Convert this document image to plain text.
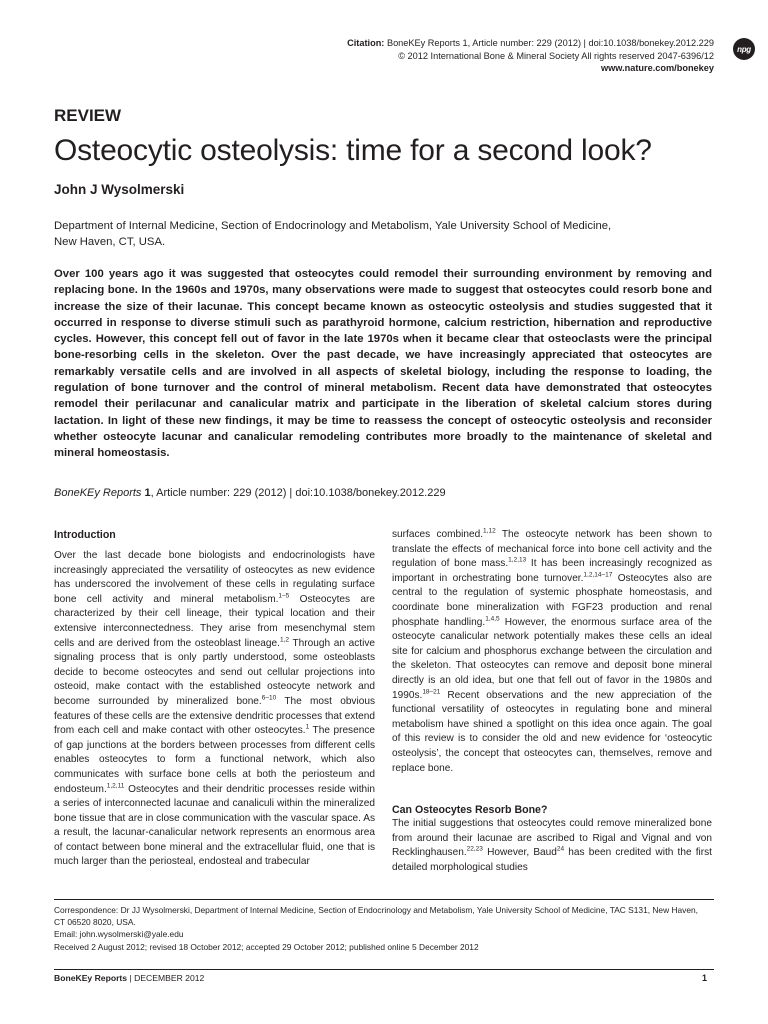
Citation: BoneKEy Reports 1, Article number: 229 (2012) | doi:10.1038/bonekey.2012.229
© 2012 International Bone & Mineral Society All rights reserved 2047-6396/12
www.nature.com/bonekey
npg
REVIEW
Osteocytic osteolysis: time for a second look?
John J Wysolmerski
Department of Internal Medicine, Section of Endocrinology and Metabolism, Yale University School of Medicine,
New Haven, CT, USA.
Over 100 years ago it was suggested that osteocytes could remodel their surrounding environment by removing and replacing bone. In the 1960s and 1970s, many observations were made to suggest that osteocytes could resorb bone and increase the size of their lacunae. This concept became known as osteocytic osteolysis and studies suggested that it occurred in response to diverse stimuli such as parathyroid hormone, calcium restriction, hibernation and reproductive cycles. However, this concept fell out of favor in the late 1970s when it became clear that osteoclasts were the principal bone-resorbing cells in the skeleton. Over the past decade, we have increasingly appreciated that osteocytes are remarkably versatile cells and are involved in all aspects of skeletal biology, including the response to loading, the regulation of bone turnover and the control of mineral metabolism. Recent data have demonstrated that osteocytes remodel their perilacunar and canalicular matrix and participate in the liberation of skeletal calcium stores during lactation. In light of these new findings, it may be time to reassess the concept of osteocytic osteolysis and reconsider whether osteocyte lacunar and canalicular remodeling contributes more broadly to the maintenance of skeletal and mineral homeostasis.
BoneKEy Reports 1, Article number: 229 (2012) | doi:10.1038/bonekey.2012.229
Introduction

Over the last decade bone biologists and endocrinologists have increasingly appreciated the versatility of osteocytes as new evidence has underscored the involvement of these cells in regulating surface bone cell activity and mineral metabolism.$^{1-5}$ Osteocytes are characterized by their cell lineage, their typical location and their extensive interconnectedness. They arise from mesenchymal stem cells and are derived from the osteoblast lineage.$^{1,2}$ Through an active signaling process that is only partly understood, some osteoblasts decide to become osteocytes and send out cellular projections into osteoid, make contact with the established osteocyte network and become surrounded by mineralized bone.$^{6-10}$ The most obvious features of these cells are the extensive dendritic processes that extend from each cell and make contact with other osteocytes.$^1$ The presence of gap junctions at the borders between processes from different cells enables osteocytes to form a functional network, which also communicates with surface bone cells at both the periosteum and endosteum.$^{1,2,11}$ Osteocytes and their dendritic processes reside within a series of interconnected lacunae and canaliculi within the mineralized bone tissue that are in close communication with the vascular space. As a result, the lacunar-canalicular network represents an enormous area of contact between bone mineral and the extracellular fluid, one that is much larger than the periosteal, endosteal and trabecular

surfaces combined.$^{1,12}$ The osteocyte network has been shown to translate the effects of mechanical force into bone cell activity and the regulation of bone mass.$^{1,2,13}$ It has been increasingly recognized as important in orchestrating bone turnover.$^{1,2,14-17}$ Osteocytes also are central to the regulation of systemic phosphate homeostasis, and coordinate bone mineralization with FGF23 production and renal phosphate handling.$^{1,4,5}$ However, the enormous surface area of the osteocyte canalicular network potentially makes these cells an ideal site for calcium and phosphorus exchange between the circulation and the skeleton. That osteocytes can remove and deposit bone mineral directly is an old idea, but one that fell out of favor in the 1980s and 1990s.$^{18-21}$ Recent observations and the new appreciation of the functional versatility of osteocytes in regulating bone and mineral metabolism have shined a spotlight on this idea once again. The goal of this review is to consider the old and new evidence for ‘osteocytic osteolysis’, the concept that osteocytes can, themselves, remove and replace bone.

Can Osteocytes Resorb Bone?

The initial suggestions that osteocytes could remove mineralized bone from around their lacunae are ascribed to Rigal and Vignal and von Recklinghausen.$^{22,23}$ However, Baud$^{24}$ has been credited with the first detailed morphological studies

Correspondence: Dr JJ Wysolmerski, Department of Internal Medicine, Section of Endocrinology and Metabolism, Yale University School of Medicine, TAC S131, New Haven,
CT 06520 8020, USA.
Email: john.wysolmerski@yale.edu
Received 2 August 2012; revised 18 October 2012; accepted 29 October 2012; published online 5 December 2012
BoneKEy Reports | DECEMBER 2012	1
